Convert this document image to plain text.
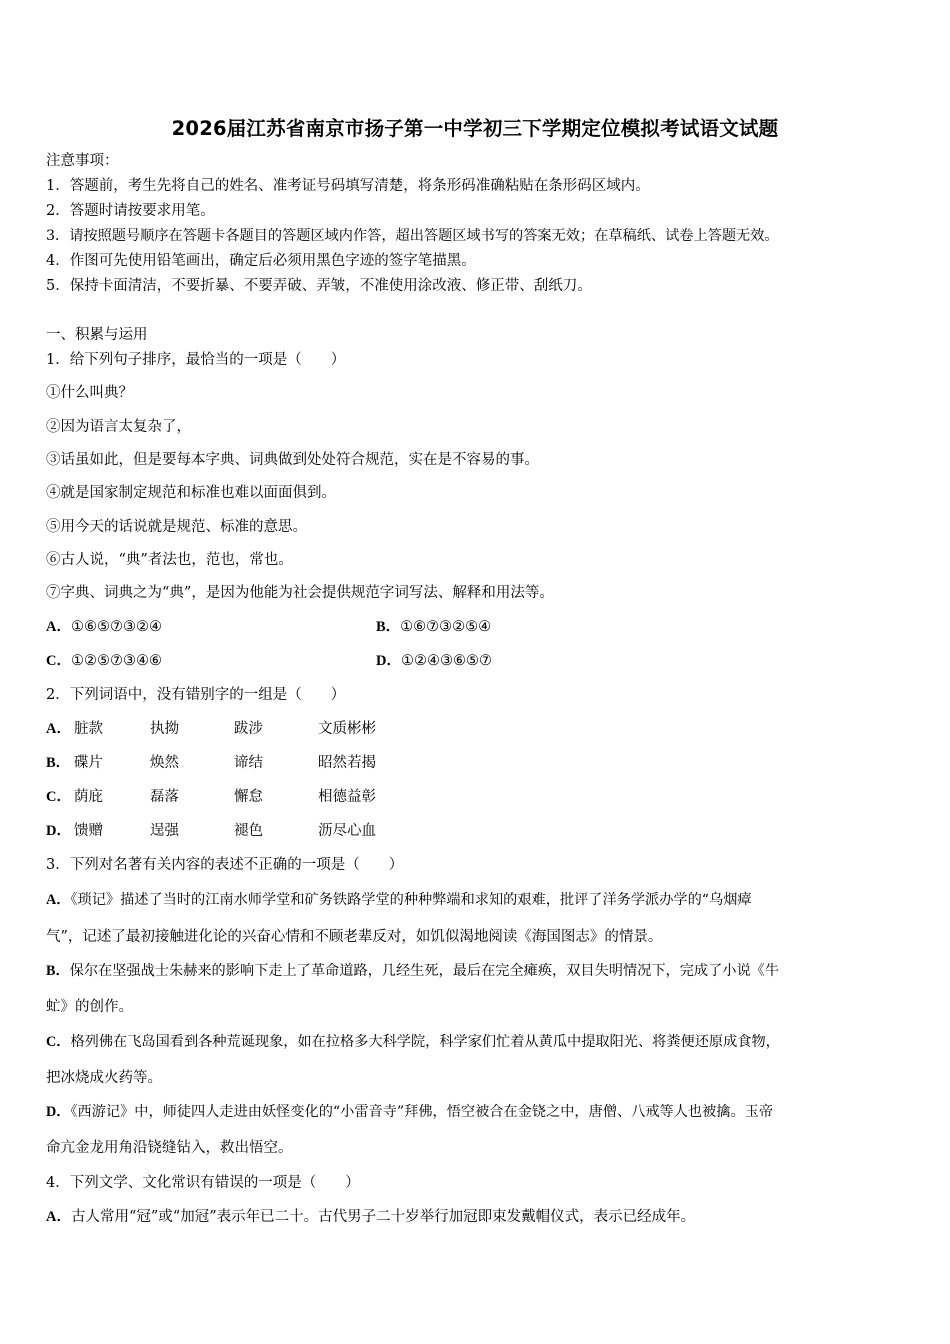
2026届江苏省南京市扬子第一中学初三下学期定位模拟考试语文试题
注意事项：
1．答题前，考生先将自己的姓名、准考证号码填写清楚，将条形码准确粘贴在条形码区域内。
2．答题时请按要求用笔。
3．请按照题号顺序在答题卡各题目的答题区域内作答，超出答题区域书写的答案无效；在草稿纸、试卷上答题无效。
4．作图可先使用铅笔画出，确定后必须用黑色字迹的签字笔描黑。
5．保持卡面清洁，不要折暴、不要弄破、弄皱，不准使用涂改液、修正带、刮纸刀。
一、积累与运用
1．给下列句子排序，最恰当的一项是（　　）
①什么叫典？
②因为语言太复杂了，
③话虽如此，但是要每本字典、词典做到处处符合规范，实在是不容易的事。
④就是国家制定规范和标准也难以面面俱到。
⑤用今天的话说就是规范、标准的意思。
⑥古人说，“典”者法也，范也，常也。
⑦字典、词典之为“典”，是因为他能为社会提供规范字词写法、解释和用法等。
A．①⑥⑤⑦③②④	B．①⑥⑦③②⑤④
C．①②⑤⑦③④⑥	D．①②④③⑥⑤⑦
2．下列词语中，没有错别字的一组是（　　）
A． 脏款	执拗	跋涉	文质彬彬
B． 碟片	焕然	谛结	昭然若揭
C． 荫庇	磊落	懈怠	相德益彰
D． 馈赠	逞强	褪色	沥尽心血
3．下列对名著有关内容的表述不正确的一项是（　　）
A．《琐记》描述了当时的江南水师学堂和矿务铁路学堂的种种弊端和求知的艰难，批评了洋务学派办学的“乌烟瘴
气”，记述了最初接触进化论的兴奋心情和不顾老辈反对，如饥似渴地阅读《海国图志》的情景。
B．保尔在坚强战士朱赫来的影响下走上了革命道路，几经生死，最后在完全瘫痪，双目失明情况下，完成了小说《牛
虻》的创作。
C．格列佛在飞岛国看到各种荒诞现象，如在拉格多大科学院，科学家们忙着从黄瓜中提取阳光、将粪便还原成食物，
把冰烧成火药等。
D．《西游记》中，师徒四人走进由妖怪变化的“小雷音寺”拜佛，悟空被合在金铙之中，唐僧、八戒等人也被擒。玉帝
命亢金龙用角沿铙缝钻入，救出悟空。
4．下列文学、文化常识有错误的一项是（　　）
A．古人常用“冠”或“加冠”表示年已二十。古代男子二十岁举行加冠即束发戴帽仪式，表示已经成年。
